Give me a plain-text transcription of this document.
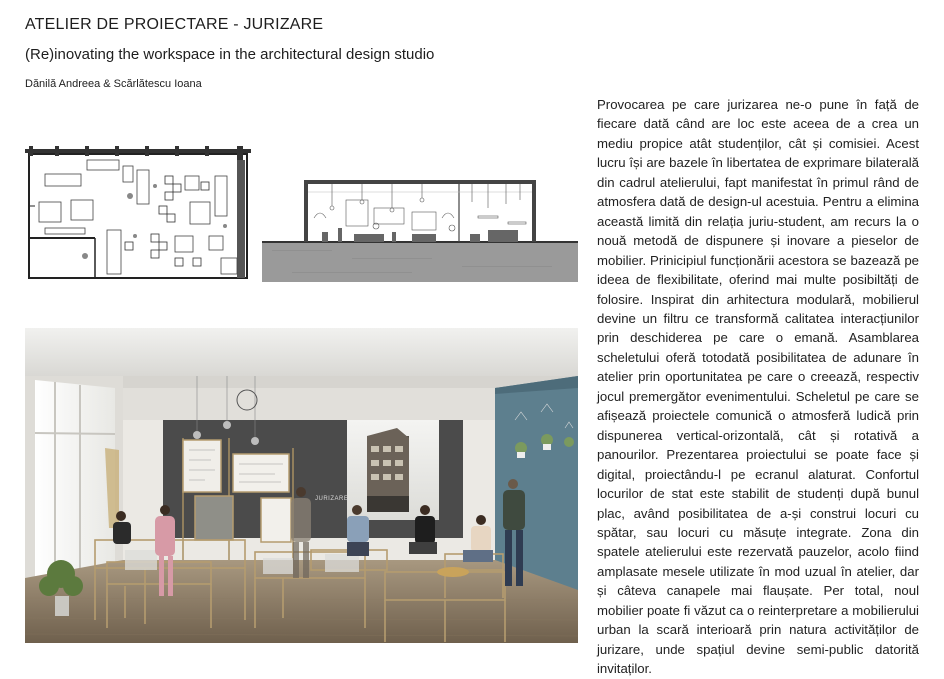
ATELIER DE PROIECTARE - JURIZARE
(Re)inovating the workspace in the architectural design studio
Dănilă Andreea & Scărlătescu Ioana
JURIZARE
Provocarea pe care jurizarea ne-o pune în față de fiecare dată când are loc este aceea de a crea un mediu propice atât studenților, cât și comisiei. Acest lucru își are bazele în libertatea de exprimare bilaterală din cadrul atelierului, fapt manifestat în primul rând de atmosfera dată de design-ul acestuia. Pentru a elimina această limită din relația juriu-student, am recurs la o nouă metodă de dispunere și inovare a pieselor de mobilier. Prinicipiul funcționării acestora se bazează pe ideea de flexibilitate, oferind mai multe posibiltăți de folosire. Inspirat din arhitectura modulară, mobilierul devine un filtru ce transformă calitatea interacțiunilor prin deschiderea pe care o emană. Asamblarea scheletului oferă totodată posibilitatea de adunare în atelier prin oportunitatea pe care o creează, respectiv jocul premergător evenimentului. Scheletul pe care se afișează proiectele comunică o atmosferă ludică prin dispunerea vertical-orizontală, cât și rotativă a panourilor. Prezentarea proiectului se poate face și digital, proiectându-l pe ecranul alaturat. Confortul locurilor de stat este stabilit de studenți după bunul plac, având posibilitatea de a-și construi locuri cu spătar, sau locuri cu măsuțe integrate. Zona din spatele atelierului este rezervată pauzelor, acolo fiind amplasate mesele utilizate în mod uzual în atelier, dar și câteva canapele mai flaușate. Per total, noul mobilier poate fi văzut ca o reinterpretare a mobilierului urban la scară interioară prin natura activităților de jurizare, unde spațiul devine semi-public datorită invitaților.
